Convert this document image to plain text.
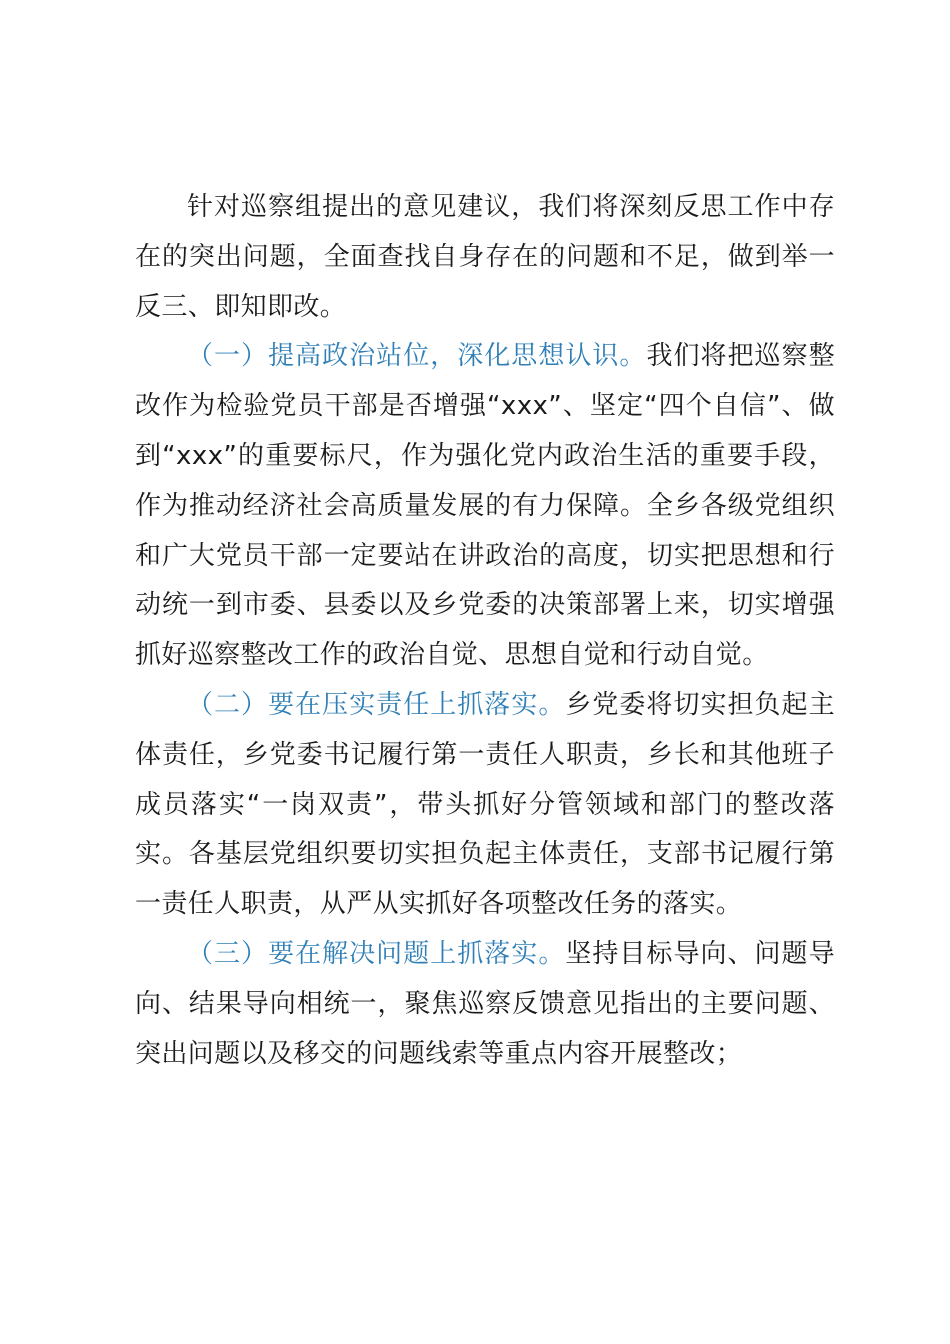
针对巡察组提出的意见建议，我们将深刻反思工作中存在的突出问题，全面查找自身存在的问题和不足，做到举一反三、即知即改。

（一）提高政治站位，深化思想认识。我们将把巡察整改作为检验党员干部是否增强“xxx”、坚定“四个自信”、做到“xxx”的重要标尺，作为强化党内政治生活的重要手段，作为推动经济社会高质量发展的有力保障。全乡各级党组织和广大党员干部一定要站在讲政治的高度，切实把思想和行动统一到市委、县委以及乡党委的决策部署上来，切实增强抓好巡察整改工作的政治自觉、思想自觉和行动自觉。

（二）要在压实责任上抓落实。乡党委将切实担负起主体责任，乡党委书记履行第一责任人职责，乡长和其他班子成员落实“一岗双责”，带头抓好分管领域和部门的整改落实。各基层党组织要切实担负起主体责任，支部书记履行第一责任人职责，从严从实抓好各项整改任务的落实。

（三）要在解决问题上抓落实。坚持目标导向、问题导向、结果导向相统一，聚焦巡察反馈意见指出的主要问题、突出问题以及移交的问题线索等重点内容开展整改；
